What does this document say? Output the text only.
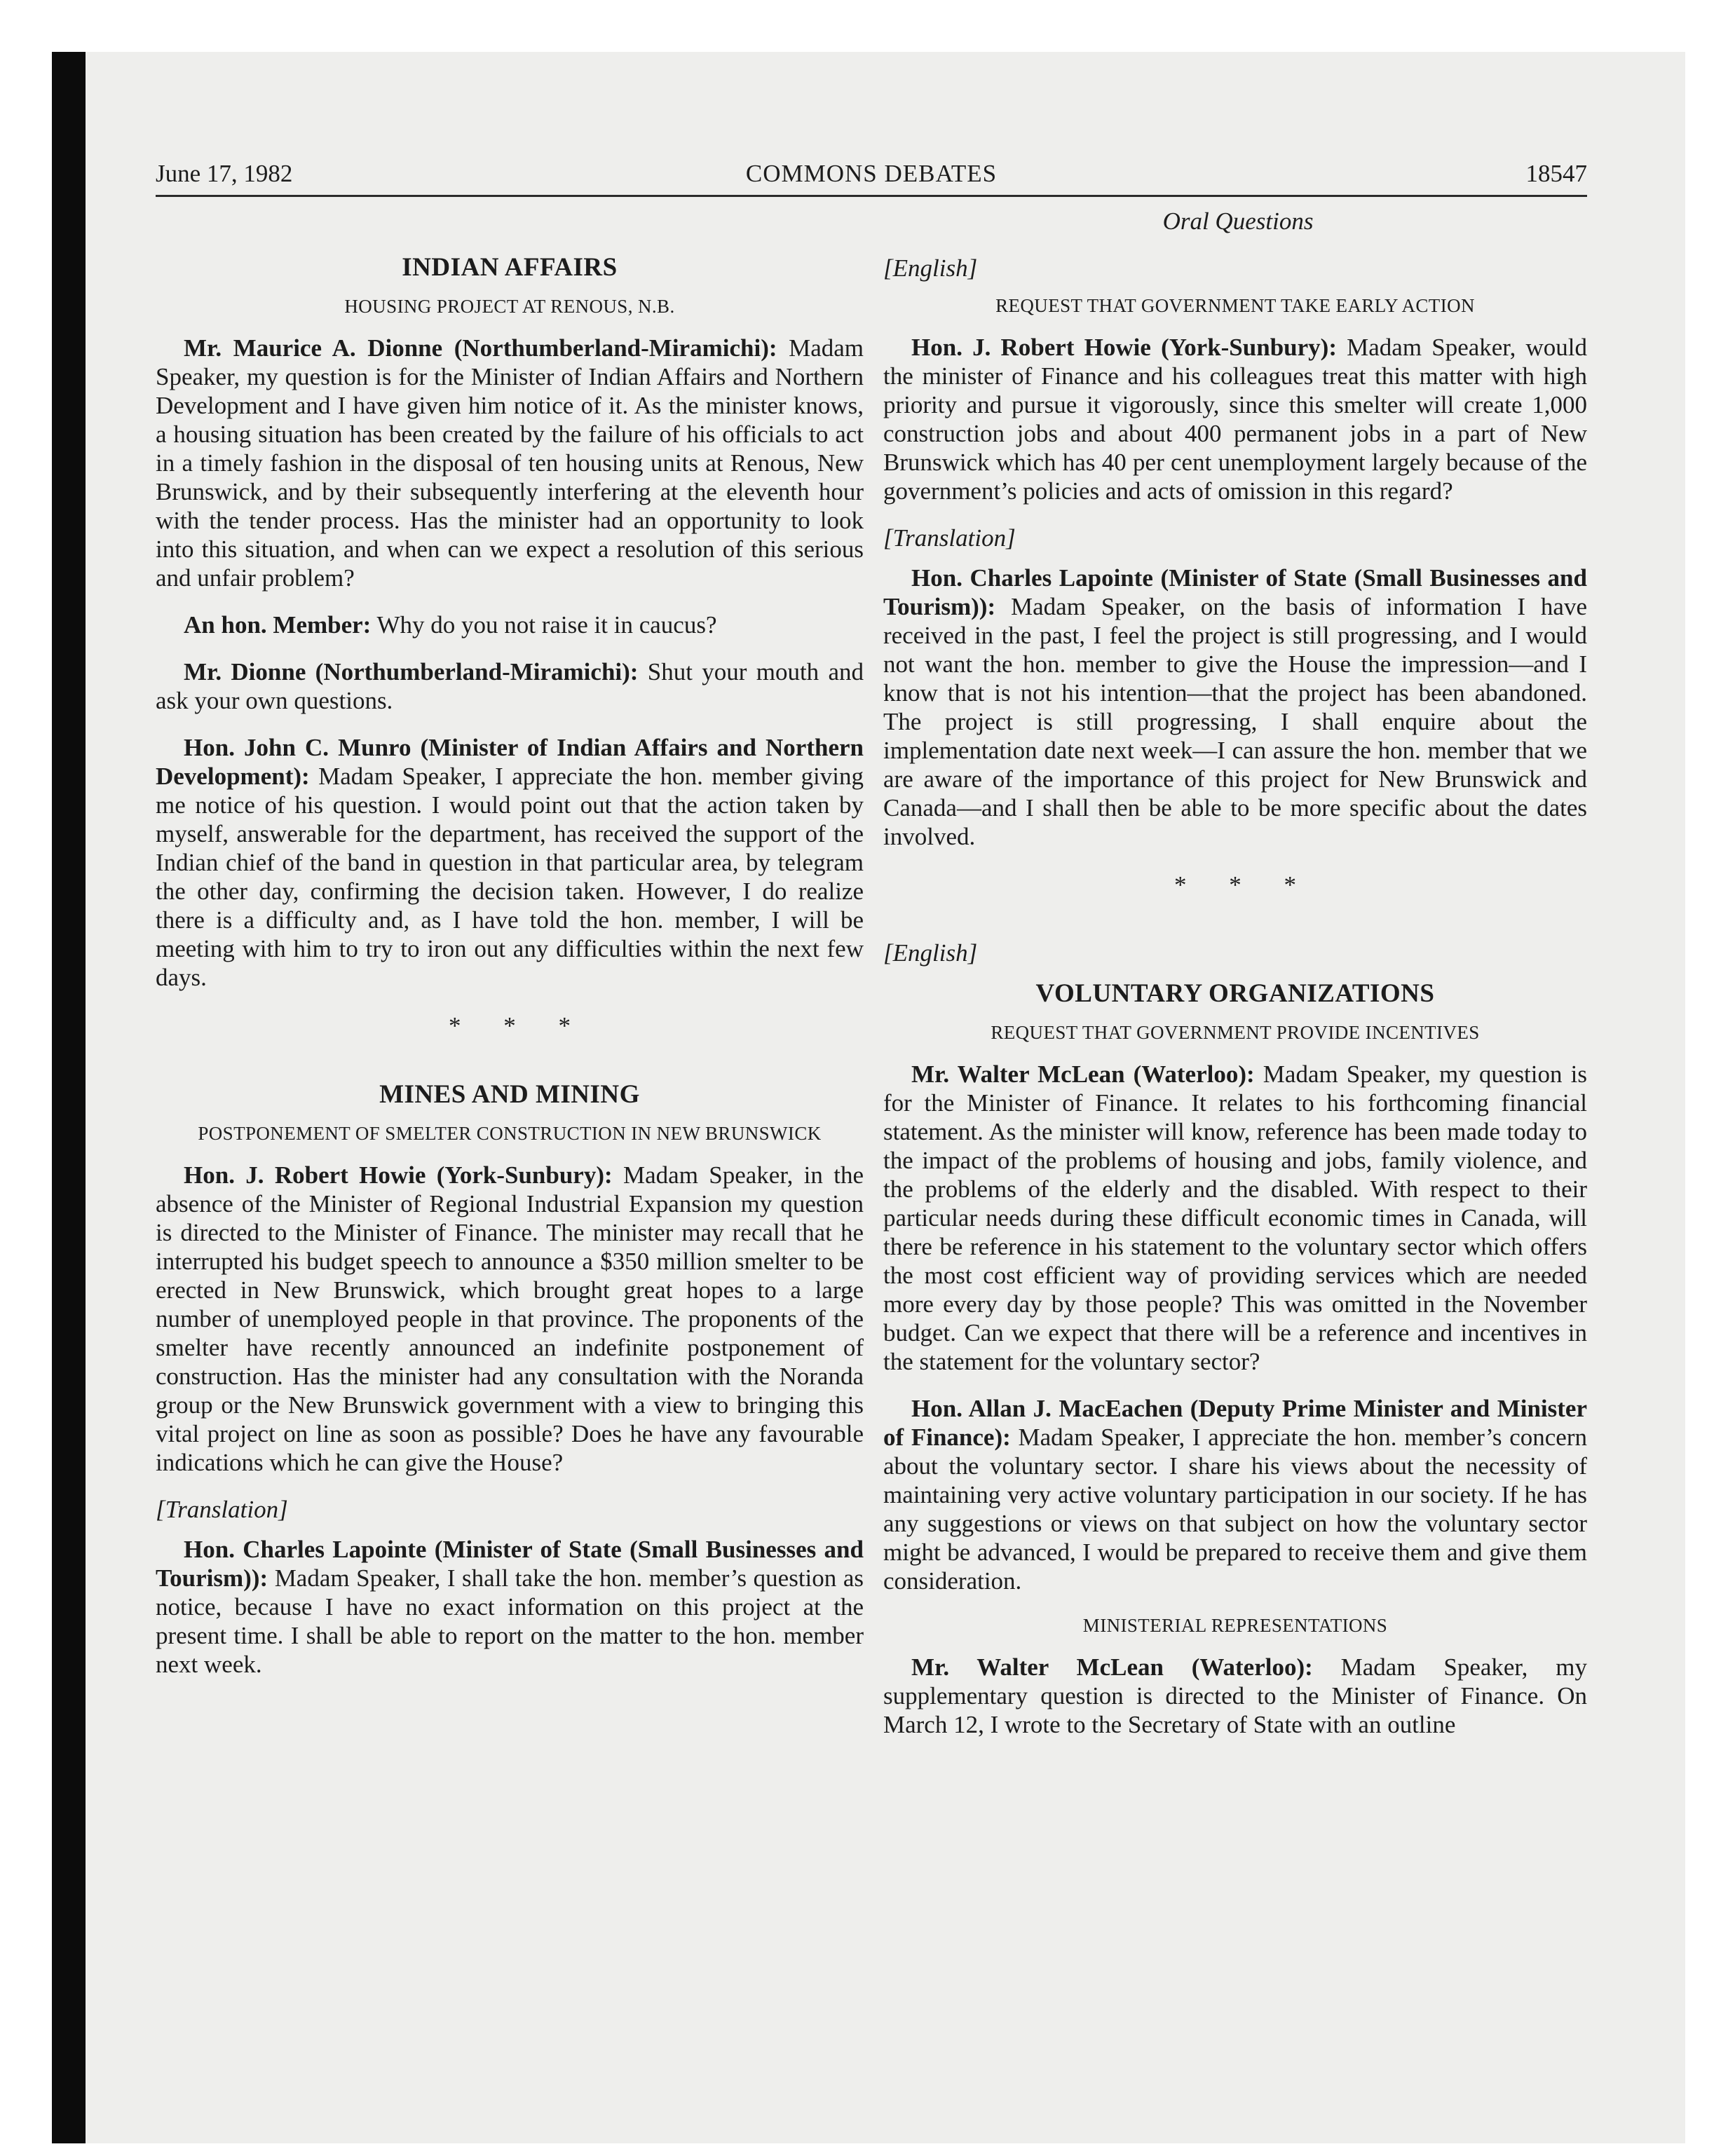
June 17, 1982	COMMONS DEBATES	18547
Oral Questions
INDIAN AFFAIRS
HOUSING PROJECT AT RENOUS, N.B.

Mr. Maurice A. Dionne (Northumberland-Miramichi): Madam Speaker, my question is for the Minister of Indian Affairs and Northern Development and I have given him notice of it. As the minister knows, a housing situation has been created by the failure of his officials to act in a timely fashion in the disposal of ten housing units at Renous, New Brunswick, and by their subsequently interfering at the eleventh hour with the tender process. Has the minister had an opportunity to look into this situation, and when can we expect a resolution of this serious and unfair problem?

An hon. Member: Why do you not raise it in caucus?

Mr. Dionne (Northumberland-Miramichi): Shut your mouth and ask your own questions.

Hon. John C. Munro (Minister of Indian Affairs and Northern Development): Madam Speaker, I appreciate the hon. member giving me notice of his question. I would point out that the action taken by myself, answerable for the department, has received the support of the Indian chief of the band in question in that particular area, by telegram the other day, confirming the decision taken. However, I do realize there is a difficulty and, as I have told the hon. member, I will be meeting with him to try to iron out any difficulties within the next few days.

* * *
MINES AND MINING
POSTPONEMENT OF SMELTER CONSTRUCTION IN NEW BRUNSWICK

Hon. J. Robert Howie (York-Sunbury): Madam Speaker, in the absence of the Minister of Regional Industrial Expansion my question is directed to the Minister of Finance. The minister may recall that he interrupted his budget speech to announce a $350 million smelter to be erected in New Brunswick, which brought great hopes to a large number of unemployed people in that province. The proponents of the smelter have recently announced an indefinite postponement of construction. Has the minister had any consultation with the Noranda group or the New Brunswick government with a view to bringing this vital project on line as soon as possible? Does he have any favourable indications which he can give the House?

[Translation]

Hon. Charles Lapointe (Minister of State (Small Businesses and Tourism)): Madam Speaker, I shall take the hon. member’s question as notice, because I have no exact information on this project at the present time. I shall be able to report on the matter to the hon. member next week.

[English]
REQUEST THAT GOVERNMENT TAKE EARLY ACTION

Hon. J. Robert Howie (York-Sunbury): Madam Speaker, would the minister of Finance and his colleagues treat this matter with high priority and pursue it vigorously, since this smelter will create 1,000 construction jobs and about 400 permanent jobs in a part of New Brunswick which has 40 per cent unemployment largely because of the government’s policies and acts of omission in this regard?

[Translation]

Hon. Charles Lapointe (Minister of State (Small Businesses and Tourism)): Madam Speaker, on the basis of information I have received in the past, I feel the project is still progressing, and I would not want the hon. member to give the House the impression—and I know that is not his intention—that the project has been abandoned. The project is still progressing, I shall enquire about the implementation date next week—I can assure the hon. member that we are aware of the importance of this project for New Brunswick and Canada—and I shall then be able to be more specific about the dates involved.

* * *
[English]
VOLUNTARY ORGANIZATIONS
REQUEST THAT GOVERNMENT PROVIDE INCENTIVES

Mr. Walter McLean (Waterloo): Madam Speaker, my question is for the Minister of Finance. It relates to his forthcoming financial statement. As the minister will know, reference has been made today to the impact of the problems of housing and jobs, family violence, and the problems of the elderly and the disabled. With respect to their particular needs during these difficult economic times in Canada, will there be reference in his statement to the voluntary sector which offers the most cost efficient way of providing services which are needed more every day by those people? This was omitted in the November budget. Can we expect that there will be a reference and incentives in the statement for the voluntary sector?

Hon. Allan J. MacEachen (Deputy Prime Minister and Minister of Finance): Madam Speaker, I appreciate the hon. member’s concern about the voluntary sector. I share his views about the necessity of maintaining very active voluntary participation in our society. If he has any suggestions or views on that subject on how the voluntary sector might be advanced, I would be prepared to receive them and give them consideration.

MINISTERIAL REPRESENTATIONS

Mr. Walter McLean (Waterloo): Madam Speaker, my supplementary question is directed to the Minister of Finance. On March 12, I wrote to the Secretary of State with an outline
